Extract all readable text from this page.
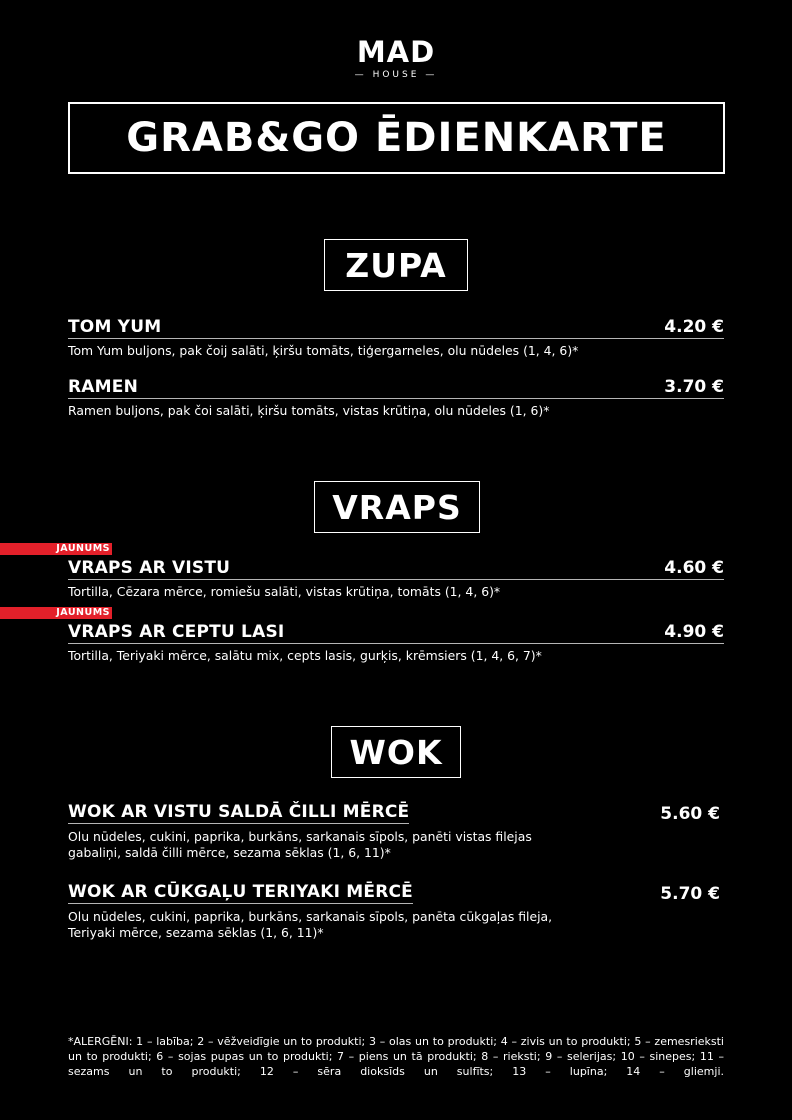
MAD
— HOUSE —
GRAB&GO ĒDIENKARTE
ZUPA
TOM YUM	4.20 €
Tom Yum buljons, pak čoij salāti, ķiršu tomāts, tiģergarneles, olu nūdeles (1, 4, 6)*
RAMEN	3.70 €
Ramen buljons, pak čoi salāti, ķiršu tomāts, vistas krūtiņa, olu nūdeles (1, 6)*
VRAPS
JAUNUMS
VRAPS AR VISTU	4.60 €
Tortilla, Cēzara mērce, romiešu salāti, vistas krūtiņa, tomāts (1, 4, 6)*
JAUNUMS
VRAPS AR CEPTU LASI	4.90 €
Tortilla, Teriyaki mērce, salātu mix, cepts lasis, gurķis, krēmsiers (1, 4, 6, 7)*
WOK
WOK AR VISTU SALDĀ ČILLI MĒRCĒ	5.60 €
Olu nūdeles, cukini, paprika, burkāns, sarkanais sīpols, panēti vistas filejas gabaliņi, saldā čilli mērce, sezama sēklas (1, 6, 11)*
WOK AR CŪKGAĻU TERIYAKI MĒRCĒ	5.70 €
Olu nūdeles, cukini, paprika, burkāns, sarkanais sīpols, panēta cūkgaļas fileja, Teriyaki mērce, sezama sēklas (1, 6, 11)*
*ALERGĒNI: 1 – labība; 2 – vēžveidīgie un to produkti; 3 – olas un to produkti; 4 – zivis un to produkti; 5 – zemesrieksti un to produkti; 6 – sojas pupas un to produkti; 7 – piens un tā produkti; 8 – rieksti; 9 – selerijas; 10 – sinepes; 11 – sezams un to produkti; 12 – sēra dioksīds un sulfīts; 13 – lupīna; 14 – gliemji.
